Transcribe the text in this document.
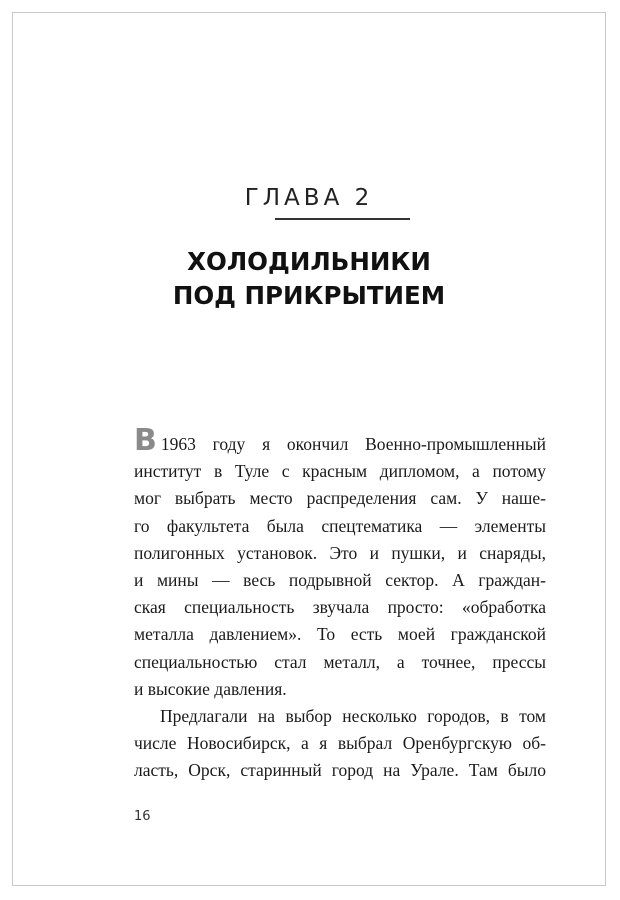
ГЛАВА 2
ХОЛОДИЛЬНИКИ
ПОД ПРИКРЫТИЕМ
В 1963 году я окончил Военно-промышленный
институт в Туле с красным дипломом, а потому
мог выбрать место распределения сам. У наше-
го факультета была спецтематика — элементы
полигонных установок. Это и пушки, и снаряды,
и мины — весь подрывной сектор. А граждан-
ская специальность звучала просто: «обработка
металла давлением». То есть моей гражданской
специальностью стал металл, а точнее, прессы
и высокие давления.
Предлагали на выбор несколько городов, в том
числе Новосибирск, а я выбрал Оренбургскую об-
ласть, Орск, старинный город на Урале. Там было
16
